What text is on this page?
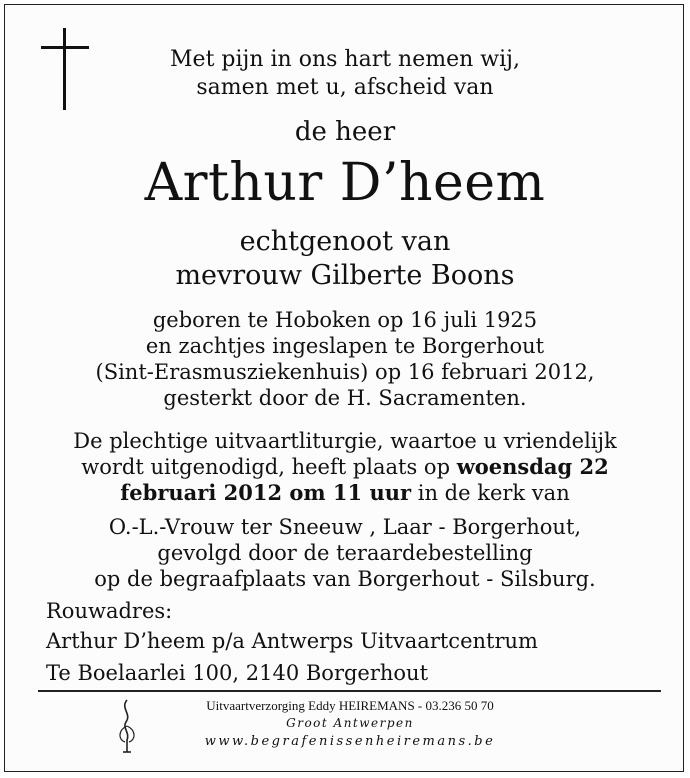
Met pijn in ons hart nemen wij,
samen met u, afscheid van
de heer
Arthur D’heem
echtgenoot van
mevrouw Gilberte Boons
geboren te Hoboken op 16 juli 1925
en zachtjes ingeslapen te Borgerhout
(Sint-Erasmusziekenhuis) op 16 februari 2012,
gesterkt door de H. Sacramenten.
De plechtige uitvaartliturgie, waartoe u vriendelijk
wordt uitgenodigd, heeft plaats op woensdag 22
februari 2012 om 11 uur in de kerk van
O.-L.-Vrouw ter Sneeuw , Laar - Borgerhout,
gevolgd door de teraardebestelling
op de begraafplaats van Borgerhout - Silsburg.
Rouwadres:
Arthur D’heem p/a Antwerps Uitvaartcentrum
Te Boelaarlei 100, 2140 Borgerhout
Uitvaartverzorging Eddy HEIREMANS - 03.236 50 70
Groot Antwerpen
www.begrafenissenheiremans.be
